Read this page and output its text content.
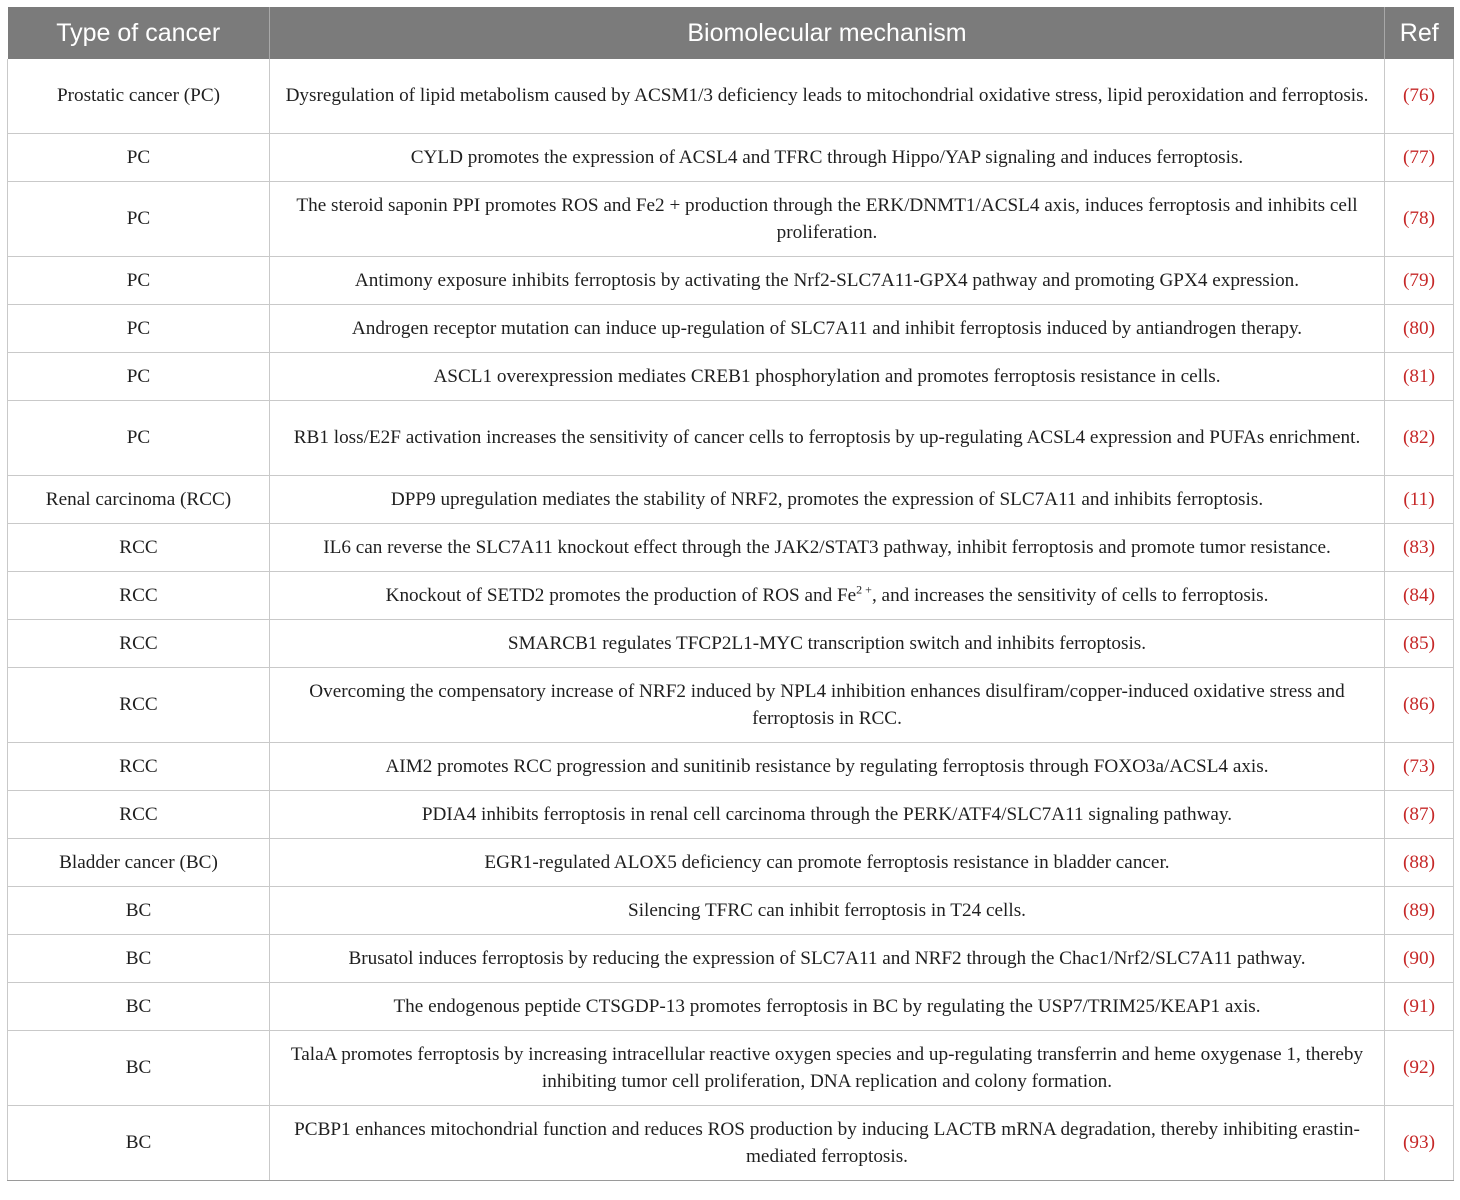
Type of cancer	Biomolecular mechanism	Ref
Prostatic cancer (PC)	Dysregulation of lipid metabolism caused by ACSM1/3 deficiency leads to mitochondrial oxidative stress, lipid peroxidation and ferroptosis.	(76)
PC	CYLD promotes the expression of ACSL4 and TFRC through Hippo/YAP signaling and induces ferroptosis.	(77)
PC	The steroid saponin PPI promotes ROS and Fe2 + production through the ERK/DNMT1/ACSL4 axis, induces ferroptosis and inhibits cell proliferation.	(78)
PC	Antimony exposure inhibits ferroptosis by activating the Nrf2-SLC7A11-GPX4 pathway and promoting GPX4 expression.	(79)
PC	Androgen receptor mutation can induce up-regulation of SLC7A11 and inhibit ferroptosis induced by antiandrogen therapy.	(80)
PC	ASCL1 overexpression mediates CREB1 phosphorylation and promotes ferroptosis resistance in cells.	(81)
PC	RB1 loss/E2F activation increases the sensitivity of cancer cells to ferroptosis by up-regulating ACSL4 expression and PUFAs enrichment.	(82)
Renal carcinoma (RCC)	DPP9 upregulation mediates the stability of NRF2, promotes the expression of SLC7A11 and inhibits ferroptosis.	(11)
RCC	IL6 can reverse the SLC7A11 knockout effect through the JAK2/STAT3 pathway, inhibit ferroptosis and promote tumor resistance.	(83)
RCC	Knockout of SETD2 promotes the production of ROS and $Fe^{2 +}$, and increases the sensitivity of cells to ferroptosis.	(84)
RCC	SMARCB1 regulates TFCP2L1-MYC transcription switch and inhibits ferroptosis.	(85)
RCC	Overcoming the compensatory increase of NRF2 induced by NPL4 inhibition enhances disulfiram/copper-induced oxidative stress and ferroptosis in RCC.	(86)
RCC	AIM2 promotes RCC progression and sunitinib resistance by regulating ferroptosis through FOXO3a/ACSL4 axis.	(73)
RCC	PDIA4 inhibits ferroptosis in renal cell carcinoma through the PERK/ATF4/SLC7A11 signaling pathway.	(87)
Bladder cancer (BC)	EGR1-regulated ALOX5 deficiency can promote ferroptosis resistance in bladder cancer.	(88)
BC	Silencing TFRC can inhibit ferroptosis in T24 cells.	(89)
BC	Brusatol induces ferroptosis by reducing the expression of SLC7A11 and NRF2 through the Chac1/Nrf2/SLC7A11 pathway.	(90)
BC	The endogenous peptide CTSGDP-13 promotes ferroptosis in BC by regulating the USP7/TRIM25/KEAP1 axis.	(91)
BC	TalaA promotes ferroptosis by increasing intracellular reactive oxygen species and up-regulating transferrin and heme oxygenase 1, thereby inhibiting tumor cell proliferation, DNA replication and colony formation.	(92)
BC	PCBP1 enhances mitochondrial function and reduces ROS production by inducing LACTB mRNA degradation, thereby inhibiting erastin-mediated ferroptosis.	(93)
